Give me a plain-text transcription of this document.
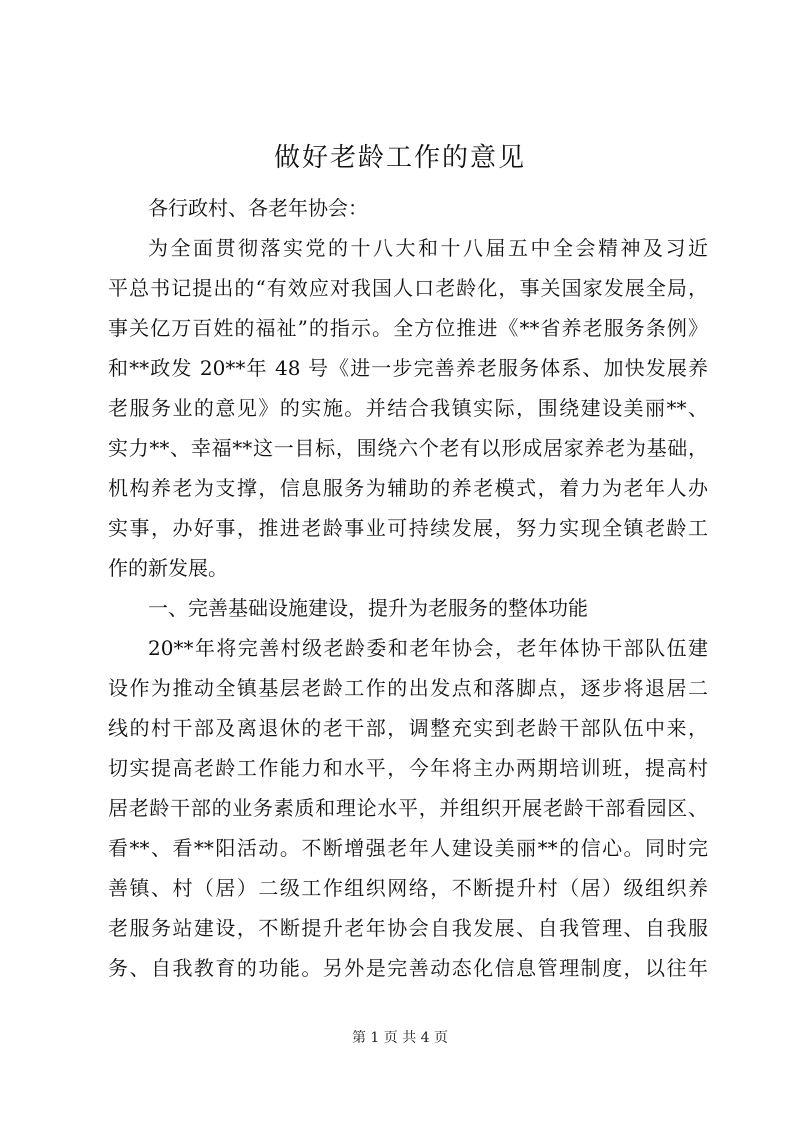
做好老龄工作的意见
各行政村、各老年协会：
为全面贯彻落实党的十八大和十八届五中全会精神及习近
平总书记提出的“有效应对我国人口老龄化，事关国家发展全局，
事关亿万百姓的福祉”的指示。全方位推进《**省养老服务条例》
和**政发 20**年 48 号《进一步完善养老服务体系、加快发展养
老服务业的意见》的实施。并结合我镇实际，围绕建设美丽**、
实力**、幸福**这一目标，围绕六个老有以形成居家养老为基础，
机构养老为支撑，信息服务为辅助的养老模式，着力为老年人办
实事，办好事，推进老龄事业可持续发展，努力实现全镇老龄工
作的新发展。
一、完善基础设施建设，提升为老服务的整体功能
20**年将完善村级老龄委和老年协会，老年体协干部队伍建
设作为推动全镇基层老龄工作的出发点和落脚点，逐步将退居二
线的村干部及离退休的老干部，调整充实到老龄干部队伍中来，
切实提高老龄工作能力和水平，今年将主办两期培训班，提高村
居老龄干部的业务素质和理论水平，并组织开展老龄干部看园区、
看**、看**阳活动。不断增强老年人建设美丽**的信心。同时完
善镇、村（居）二级工作组织网络，不断提升村（居）级组织养
老服务站建设，不断提升老年协会自我发展、自我管理、自我服
务、自我教育的功能。另外是完善动态化信息管理制度，以往年
第 1 页 共 4 页
